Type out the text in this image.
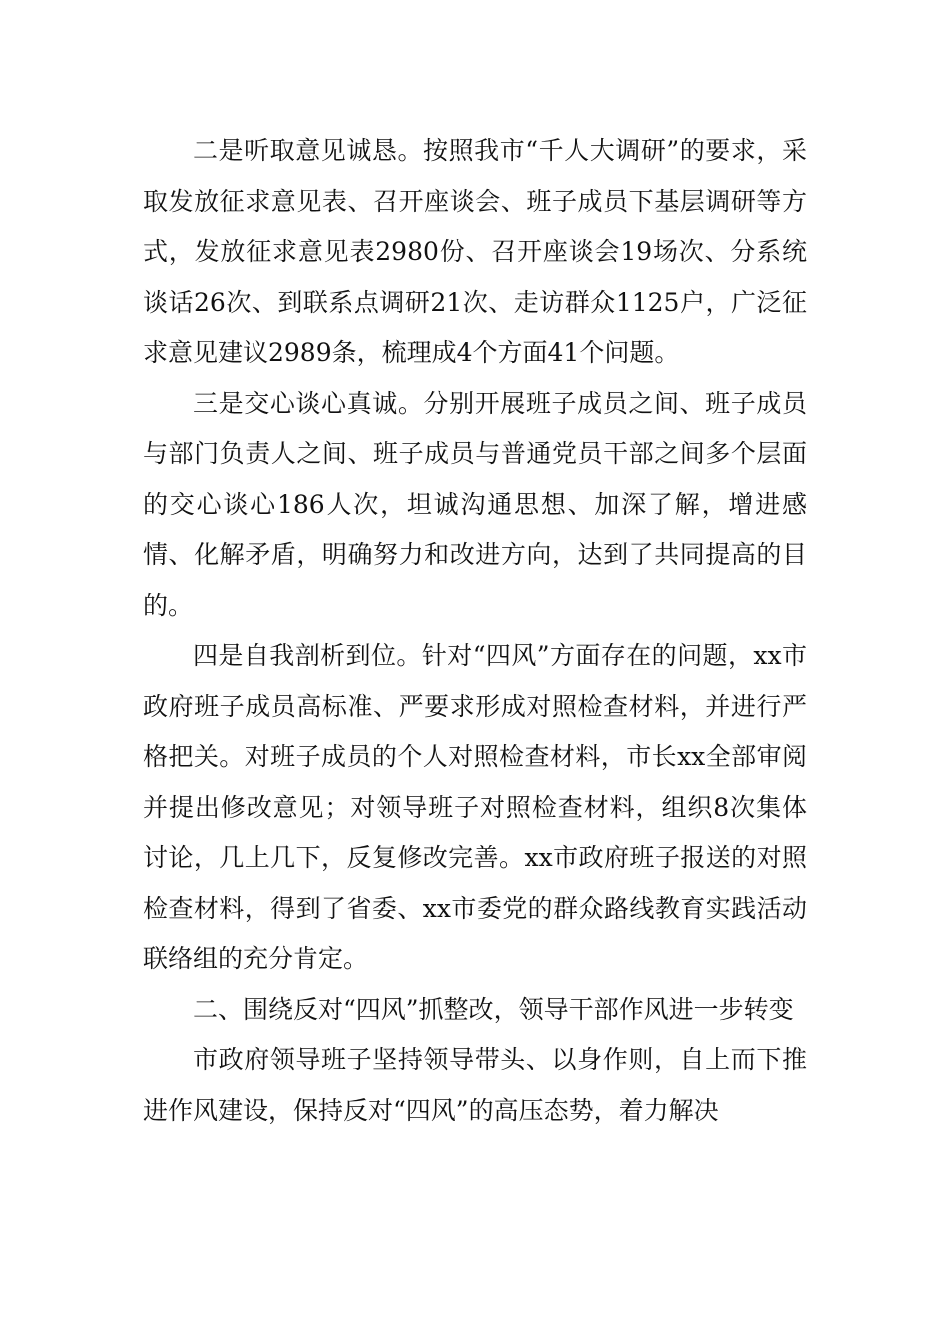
二是听取意见诚恳。按照我市“千人大调研”的要求，采取发放征求意见表、召开座谈会、班子成员下基层调研等方式，发放征求意见表2980份、召开座谈会19场次、分系统谈话26次、到联系点调研21次、走访群众1125户，广泛征求意见建议2989条，梳理成4个方面41个问题。

三是交心谈心真诚。分别开展班子成员之间、班子成员与部门负责人之间、班子成员与普通党员干部之间多个层面的交心谈心186人次，坦诚沟通思想、加深了解，增进感情、化解矛盾，明确努力和改进方向，达到了共同提高的目的。

四是自我剖析到位。针对“四风”方面存在的问题，xx市政府班子成员高标准、严要求形成对照检查材料，并进行严格把关。对班子成员的个人对照检查材料，市长xx全部审阅并提出修改意见；对领导班子对照检查材料，组织8次集体讨论，几上几下，反复修改完善。xx市政府班子报送的对照检查材料，得到了省委、xx市委党的群众路线教育实践活动联络组的充分肯定。

二、围绕反对“四风”抓整改，领导干部作风进一步转变

市政府领导班子坚持领导带头、以身作则，自上而下推进作风建设，保持反对“四风”的高压态势，着力解决
